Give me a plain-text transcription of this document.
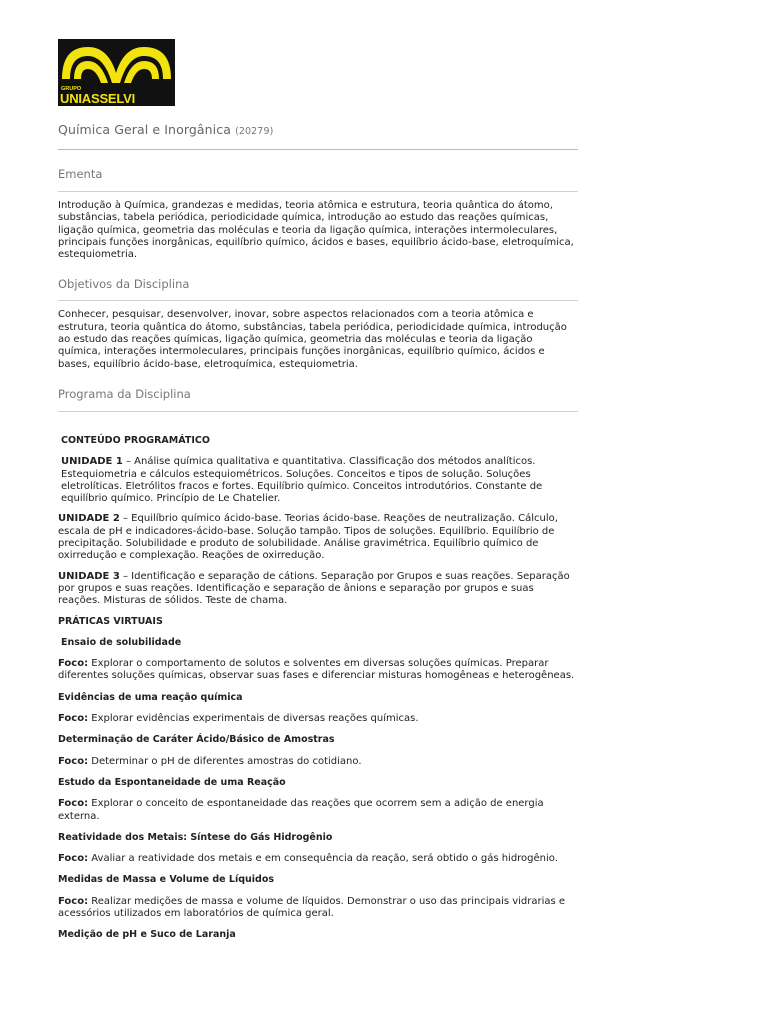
GRUPO
UNIASSELVI
Química Geral e Inorgânica (20279)
Ementa

Introdução à Química, grandezas e medidas, teoria atômica e estrutura, teoria quântica do átomo, substâncias, tabela periódica, periodicidade química, introdução ao estudo das reações químicas, ligação química, geometria das moléculas e teoria da ligação química, interações intermoleculares, principais funções inorgânicas, equilíbrio químico, ácidos e bases, equilíbrio ácido-base, eletroquímica, estequiometria.

Objetivos da Disciplina

Conhecer, pesquisar, desenvolver, inovar, sobre aspectos relacionados com a teoria atômica e estrutura, teoria quântica do átomo, substâncias, tabela periódica, periodicidade química, introdução ao estudo das reações químicas, ligação química, geometria das moléculas e teoria da ligação química, interações intermoleculares, principais funções inorgânicas, equilíbrio químico, ácidos e bases, equilíbrio ácido-base, eletroquímica, estequiometria.

Programa da Disciplina

CONTEÚDO PROGRAMÁTICO

UNIDADE 1 – Análise química qualitativa e quantitativa. Classificação dos métodos analíticos. Estequiometria e cálculos estequiométricos. Soluções. Conceitos e tipos de solução. Soluções eletrolíticas. Eletrólitos fracos e fortes. Equilíbrio químico. Conceitos introdutórios. Constante de equilíbrio químico. Princípio de Le Chatelier.

UNIDADE 2 – Equilíbrio químico ácido-base. Teorias ácido-base. Reações de neutralização. Cálculo, escala de pH e indicadores-ácido-base. Solução tampão. Tipos de soluções. Equilíbrio. Equilíbrio de precipitação. Solubilidade e produto de solubilidade. Análise gravimétrica. Equilíbrio químico de oxirredução e complexação. Reações de oxirredução.

UNIDADE 3 – Identificação e separação de cátions. Separação por Grupos e suas reações. Separação por grupos e suas reações. Identificação e separação de ânions e separação por grupos e suas reações. Misturas de sólidos. Teste de chama.

PRÁTICAS VIRTUAIS

Ensaio de solubilidade

Foco: Explorar o comportamento de solutos e solventes em diversas soluções químicas. Preparar diferentes soluções químicas, observar suas fases e diferenciar misturas homogêneas e heterogêneas.

Evidências de uma reação química

Foco: Explorar evidências experimentais de diversas reações químicas.

Determinação de Caráter Ácido/Básico de Amostras

Foco: Determinar o pH de diferentes amostras do cotidiano.

Estudo da Espontaneidade de uma Reação

Foco: Explorar o conceito de espontaneidade das reações que ocorrem sem a adição de energia externa.

Reatividade dos Metais: Síntese do Gás Hidrogênio

Foco: Avaliar a reatividade dos metais e em consequência da reação, será obtido o gás hidrogênio.

Medidas de Massa e Volume de Líquidos

Foco: Realizar medições de massa e volume de líquidos. Demonstrar o uso das principais vidrarias e acessórios utilizados em laboratórios de química geral.

Medição de pH e Suco de Laranja
